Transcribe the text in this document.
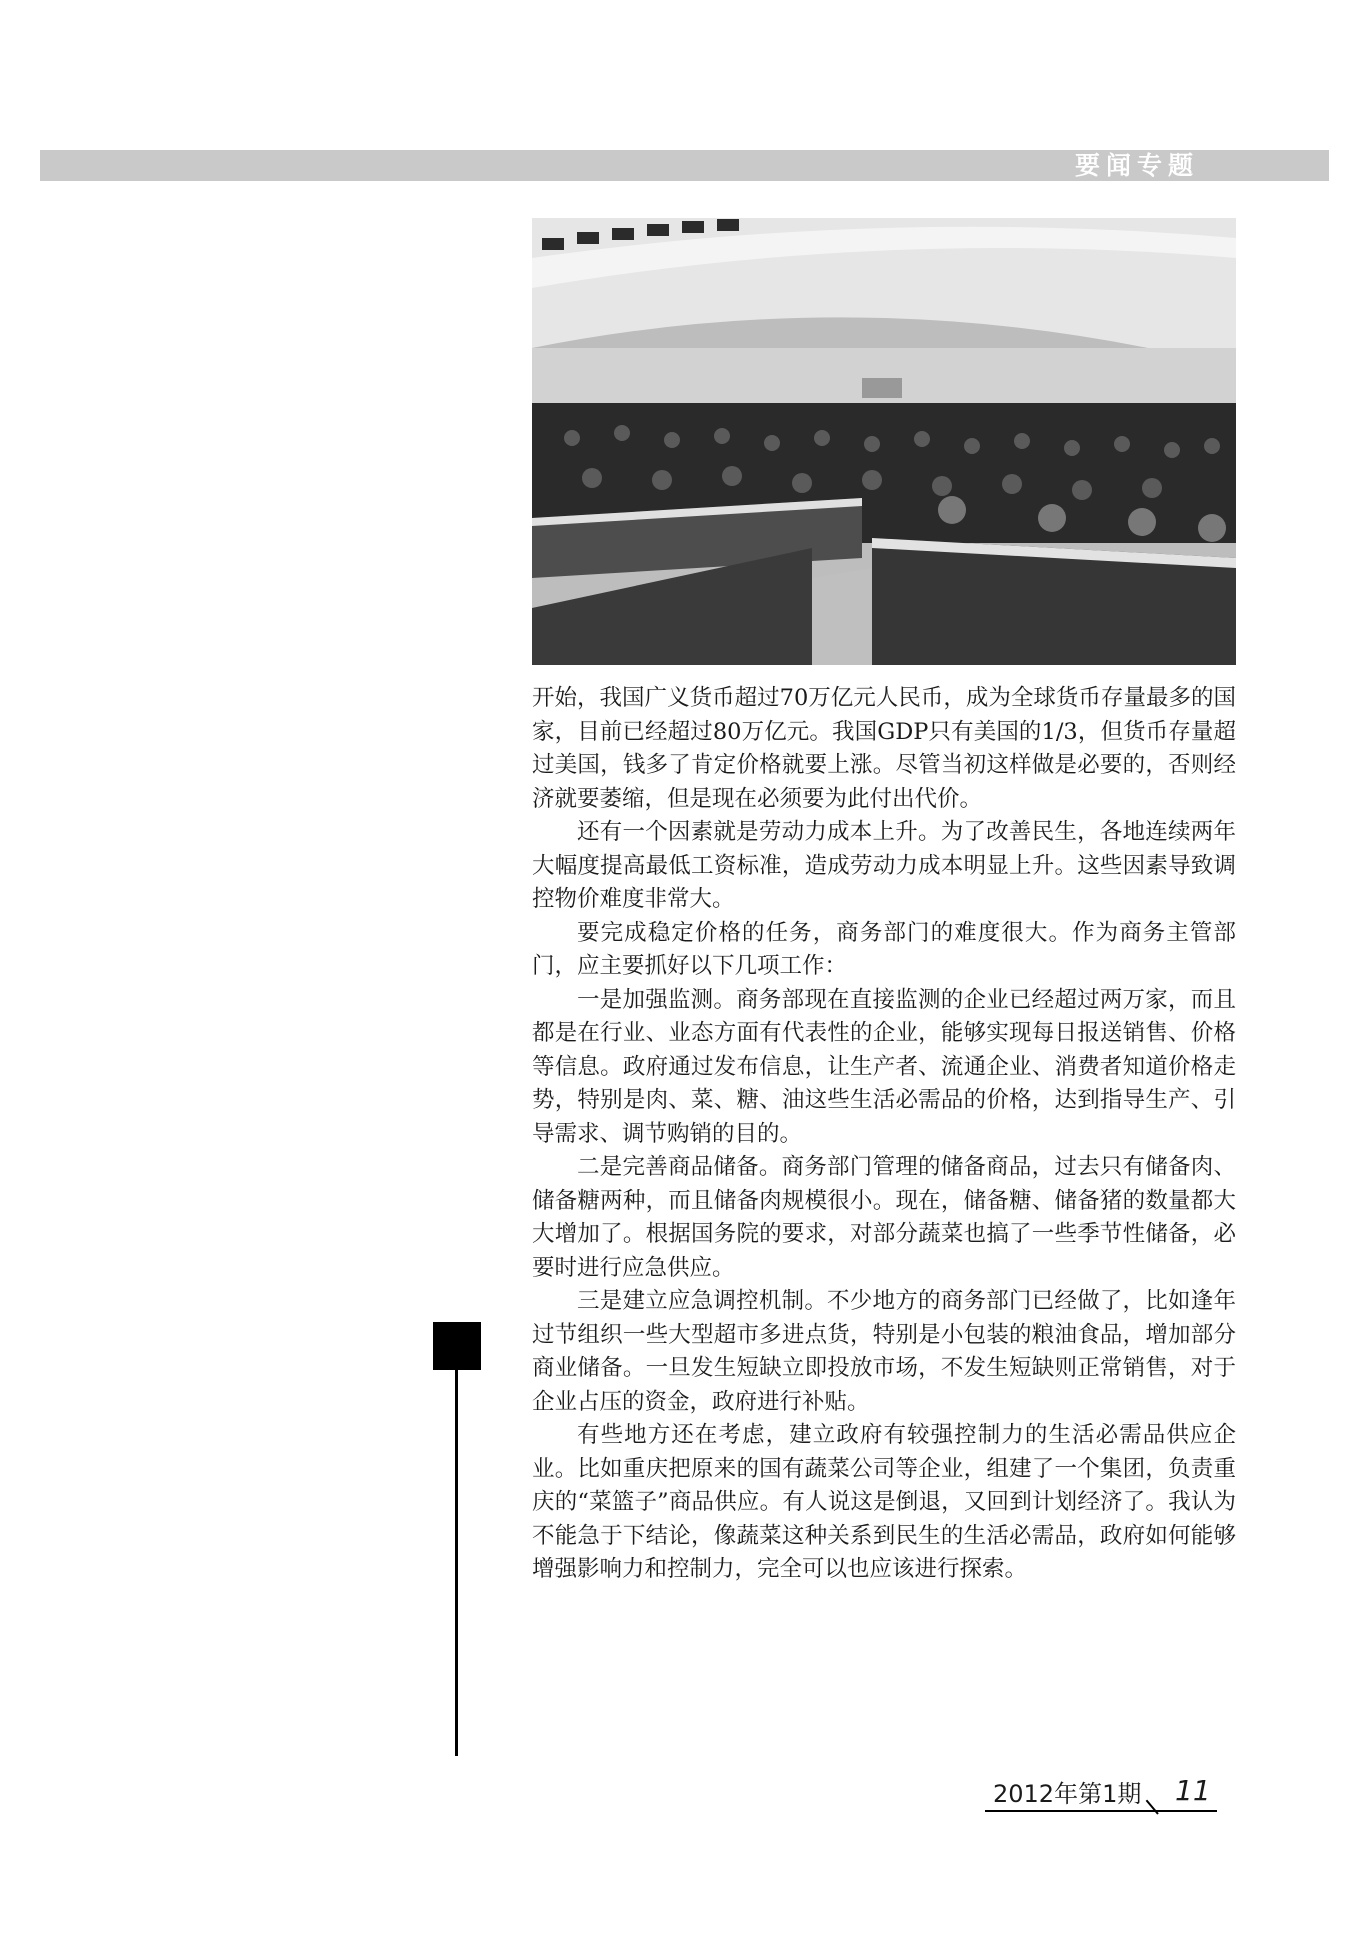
要闻专题

开始，我国广义货币超过70万亿元人民币，成为全球货币存量最多的国家，目前已经超过80万亿元。我国GDP只有美国的1/3，但货币存量超过美国，钱多了肯定价格就要上涨。尽管当初这样做是必要的，否则经济就要萎缩，但是现在必须要为此付出代价。

还有一个因素就是劳动力成本上升。为了改善民生，各地连续两年大幅度提高最低工资标准，造成劳动力成本明显上升。这些因素导致调控物价难度非常大。

要完成稳定价格的任务，商务部门的难度很大。作为商务主管部门，应主要抓好以下几项工作：

一是加强监测。商务部现在直接监测的企业已经超过两万家，而且都是在行业、业态方面有代表性的企业，能够实现每日报送销售、价格等信息。政府通过发布信息，让生产者、流通企业、消费者知道价格走势，特别是肉、菜、糖、油这些生活必需品的价格，达到指导生产、引导需求、调节购销的目的。

二是完善商品储备。商务部门管理的储备商品，过去只有储备肉、储备糖两种，而且储备肉规模很小。现在，储备糖、储备猪的数量都大大增加了。根据国务院的要求，对部分蔬菜也搞了一些季节性储备，必要时进行应急供应。

三是建立应急调控机制。不少地方的商务部门已经做了，比如逢年过节组织一些大型超市多进点货，特别是小包装的粮油食品，增加部分商业储备。一旦发生短缺立即投放市场，不发生短缺则正常销售，对于企业占压的资金，政府进行补贴。

有些地方还在考虑，建立政府有较强控制力的生活必需品供应企业。比如重庆把原来的国有蔬菜公司等企业，组建了一个集团，负责重庆的“菜篮子”商品供应。有人说这是倒退，又回到计划经济了。我认为不能急于下结论，像蔬菜这种关系到民生的生活必需品，政府如何能够增强影响力和控制力，完全可以也应该进行探索。

2012年第1期 11
